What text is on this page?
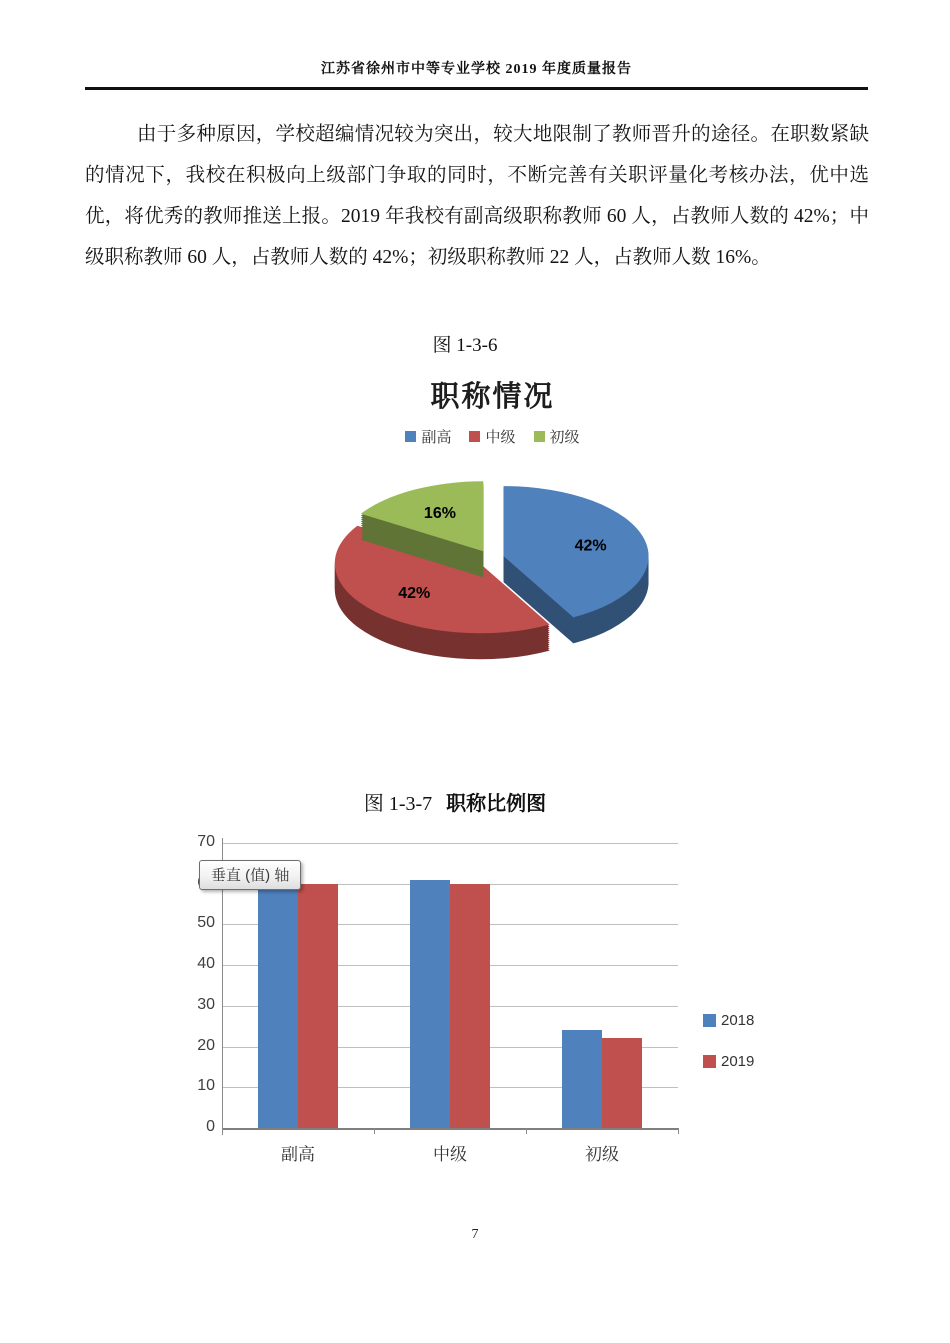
江苏省徐州市中等专业学校 2019 年度质量报告

由于多种原因，学校超编情况较为突出，较大地限制了教师晋升的途径。在职数紧缺的情况下，我校在积极向上级部门争取的同时，不断完善有关职评量化考核办法，优中选优，将优秀的教师推送上报。2019 年我校有副高级职称教师 60 人，占教师人数的 42%；中级职称教师 60 人，占教师人数的 42%；初级职称教师 22 人，占教师人数 16%。

图 1-3-6
职称情况
副高 中级 初级
42%
42%
16%
图 1-3-7 职称比例图
2018
2019
垂直 (值) 轴
0
10
20
30
40
50
70
副高	中级	初级
7
